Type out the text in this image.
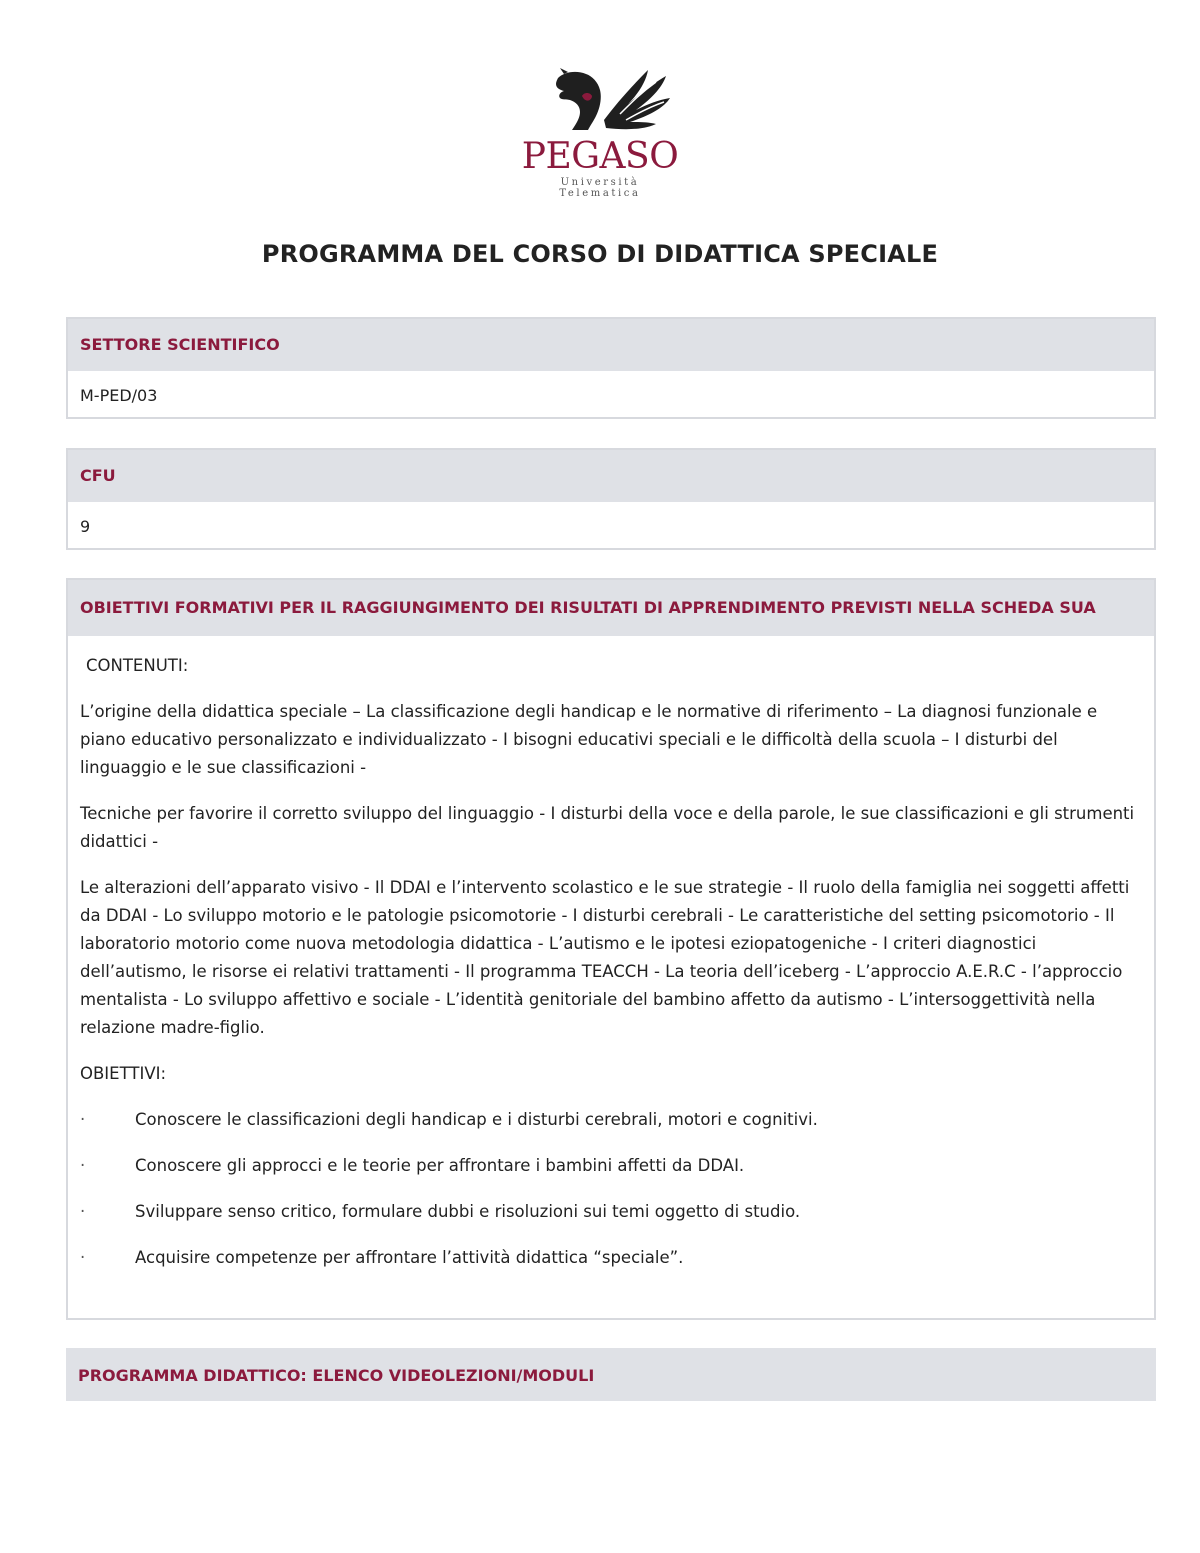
PEGASO
Università Telematica
PROGRAMMA DEL CORSO DI DIDATTICA SPECIALE
SETTORE SCIENTIFICO
M-PED/03
CFU
9
OBIETTIVI FORMATIVI PER IL RAGGIUNGIMENTO DEI RISULTATI DI APPRENDIMENTO PREVISTI NELLA SCHEDA SUA

CONTENUTI:

L’origine della didattica speciale – La classificazione degli handicap e le normative di riferimento – La diagnosi funzionale e piano educativo personalizzato e individualizzato - I bisogni educativi speciali e le difficoltà della scuola – I disturbi del linguaggio e le sue classificazioni -

Tecniche per favorire il corretto sviluppo del linguaggio - I disturbi della voce e della parole, le sue classificazioni e gli strumenti didattici -

Le alterazioni dell’apparato visivo - Il DDAI e l’intervento scolastico e le sue strategie - Il ruolo della famiglia nei soggetti affetti da DDAI - Lo sviluppo motorio e le patologie psicomotorie - I disturbi cerebrali - Le caratteristiche del setting psicomotorio - Il laboratorio motorio come nuova metodologia didattica - L’autismo e le ipotesi eziopatogeniche - I criteri diagnostici dell’autismo, le risorse ei relativi trattamenti - Il programma TEACCH - La teoria dell’iceberg - L’approccio A.E.R.C - l’approccio mentalista - Lo sviluppo affettivo e sociale - L’identità genitoriale del bambino affetto da autismo - L’intersoggettività nella relazione madre-figlio.

OBIETTIVI:

·	Conoscere le classificazioni degli handicap e i disturbi cerebrali, motori e cognitivi.
·	Conoscere gli approcci e le teorie per affrontare i bambini affetti da DDAI.
·	Sviluppare senso critico, formulare dubbi e risoluzioni sui temi oggetto di studio.
·	Acquisire competenze per affrontare l’attività didattica “speciale”.
PROGRAMMA DIDATTICO: ELENCO VIDEOLEZIONI/MODULI
